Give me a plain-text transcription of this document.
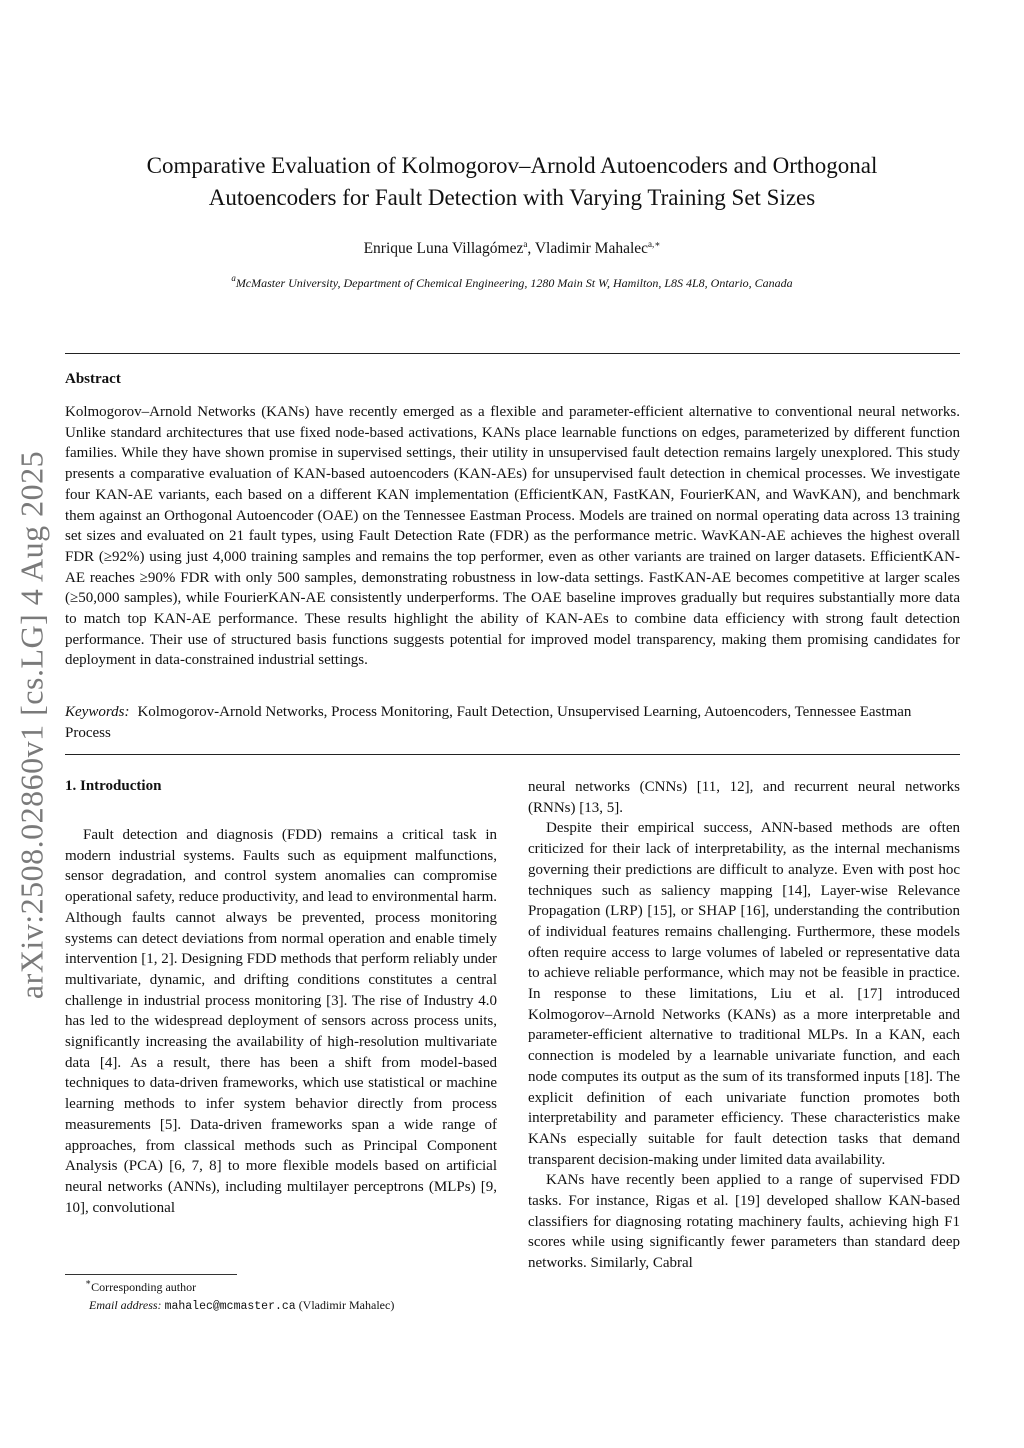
arXiv:2508.02860v1 [cs.LG] 4 Aug 2025
Comparative Evaluation of Kolmogorov–Arnold Autoencoders and Orthogonal
Autoencoders for Fault Detection with Varying Training Set Sizes
Enrique Luna Villagómez$^a$, Vladimir Mahalec$^{a,∗}$
$^a$McMaster University, Department of Chemical Engineering, 1280 Main St W, Hamilton, L8S 4L8, Ontario, Canada
Abstract

Kolmogorov–Arnold Networks (KANs) have recently emerged as a flexible and parameter-efficient alternative to conventional neural networks. Unlike standard architectures that use fixed node-based activations, KANs place learnable functions on edges, parameterized by different function families. While they have shown promise in supervised settings, their utility in unsupervised fault detection remains largely unexplored. This study presents a comparative evaluation of KAN-based autoencoders (KAN-AEs) for unsupervised fault detection in chemical processes. We investigate four KAN-AE variants, each based on a different KAN implementation (EfficientKAN, FastKAN, FourierKAN, and WavKAN), and benchmark them against an Orthogonal Autoencoder (OAE) on the Tennessee Eastman Process. Models are trained on normal operating data across 13 training set sizes and evaluated on 21 fault types, using Fault Detection Rate (FDR) as the performance metric. WavKAN-AE achieves the highest overall FDR (≥92%) using just 4,000 training samples and remains the top performer, even as other variants are trained on larger datasets. EfficientKAN-AE reaches ≥90% FDR with only 500 samples, demonstrating robustness in low-data settings. FastKAN-AE becomes competitive at larger scales (≥50,000 samples), while FourierKAN-AE consistently underperforms. The OAE baseline improves gradually but requires substantially more data to match top KAN-AE performance. These results highlight the ability of KAN-AEs to combine data efficiency with strong fault detection performance. Their use of structured basis functions suggests potential for improved model transparency, making them promising candidates for deployment in data-constrained industrial settings.

Keywords: Kolmogorov-Arnold Networks, Process Monitoring, Fault Detection, Unsupervised Learning, Autoencoders, Tennessee Eastman Process
1. Introduction

Fault detection and diagnosis (FDD) remains a critical task in modern industrial systems. Faults such as equipment malfunctions, sensor degradation, and control system anomalies can compromise operational safety, reduce productivity, and lead to environmental harm. Although faults cannot always be prevented, process monitoring systems can detect deviations from normal operation and enable timely intervention [1, 2]. Designing FDD methods that perform reliably under multivariate, dynamic, and drifting conditions constitutes a central challenge in industrial process monitoring [3]. The rise of Industry 4.0 has led to the widespread deployment of sensors across process units, significantly increasing the availability of high-resolution multivariate data [4]. As a result, there has been a shift from model-based techniques to data-driven frameworks, which use statistical or machine learning methods to infer system behavior directly from process measurements [5]. Data-driven frameworks span a wide range of approaches, from classical methods such as Principal Component Analysis (PCA) [6, 7, 8] to more flexible models based on artificial neural networks (ANNs), including multilayer perceptrons (MLPs) [9, 10], convolutional

neural networks (CNNs) [11, 12], and recurrent neural networks (RNNs) [13, 5].

Despite their empirical success, ANN-based methods are often criticized for their lack of interpretability, as the internal mechanisms governing their predictions are difficult to analyze. Even with post hoc techniques such as saliency mapping [14], Layer-wise Relevance Propagation (LRP) [15], or SHAP [16], understanding the contribution of individual features remains challenging. Furthermore, these models often require access to large volumes of labeled or representative data to achieve reliable performance, which may not be feasible in practice. In response to these limitations, Liu et al. [17] introduced Kolmogorov–Arnold Networks (KANs) as a more interpretable and parameter-efficient alternative to traditional MLPs. In a KAN, each connection is modeled by a learnable univariate function, and each node computes its output as the sum of its transformed inputs [18]. The explicit definition of each univariate function promotes both interpretability and parameter efficiency. These characteristics make KANs especially suitable for fault detection tasks that demand transparent decision-making under limited data availability.

KANs have recently been applied to a range of supervised FDD tasks. For instance, Rigas et al. [19] developed shallow KAN-based classifiers for diagnosing rotating machinery faults, achieving high F1 scores while using significantly fewer parameters than standard deep networks. Similarly, Cabral

∗Corresponding author
Email address: mahalec@mcmaster.ca (Vladimir Mahalec)
